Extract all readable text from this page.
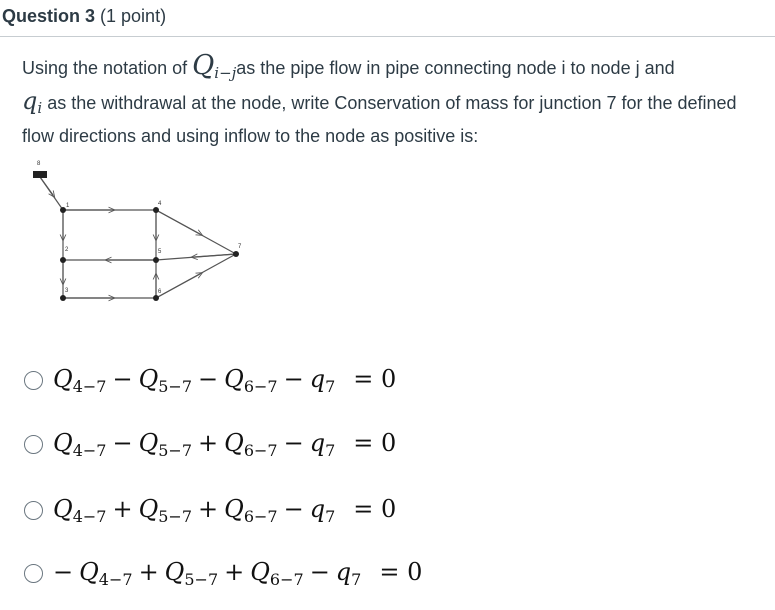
Question 3 (1 point)
Using the notation of $Q_{i-j}as$ the pipe flow in pipe connecting node i to node j and
$q_i$ as the withdrawal at the node, write Conservation of mass for junction 7 for the defined flow directions and using inflow to the node as positive is:
8
1
2
3
4
5
6
7
$Q_{4-7} - Q_{5-7} - Q_{6-7} - q_7 = 0$
$Q_{4-7} - Q_{5-7} + Q_{6-7} - q_7 = 0$
$Q_{4-7} + Q_{5-7} + Q_{6-7} - q_7 = 0$
− $Q_{4-7} + Q_{5-7} + Q_{6-7} - q_7 = 0$
